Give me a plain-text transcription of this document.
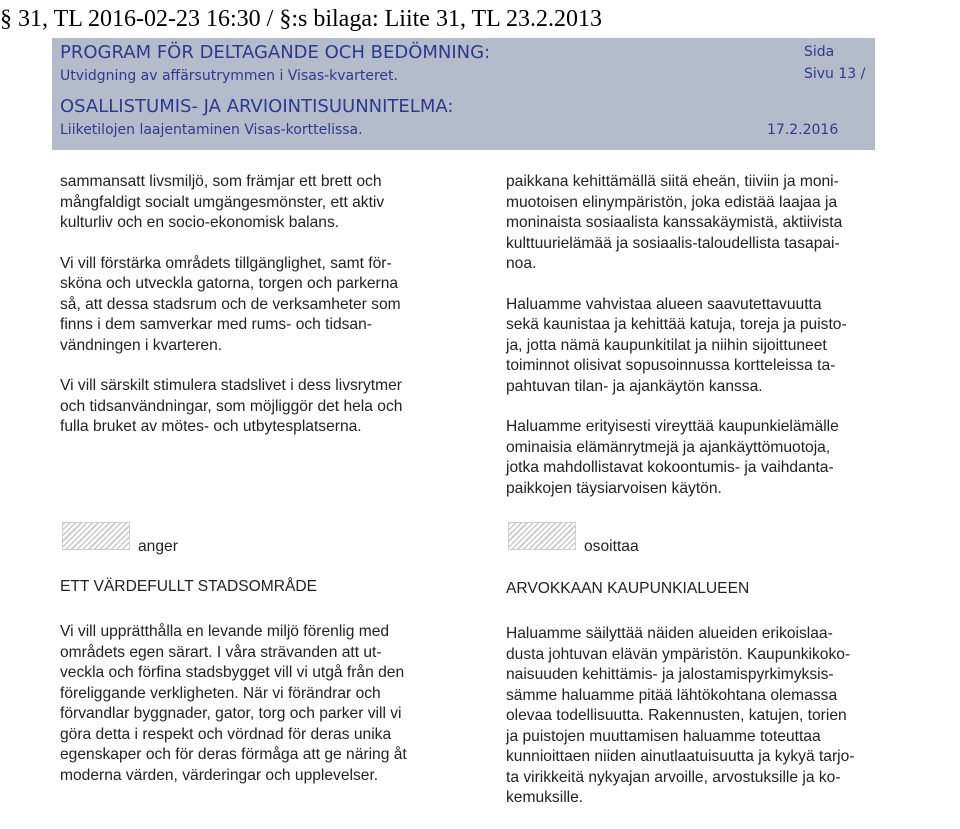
§ 31, TL 2016-02-23 16:30 / §:s bilaga: Liite 31, TL 23.2.2013
PROGRAM FÖR DELTAGANDE OCH BEDÖMNING:
Utvidgning av affärsutrymmen i Visas-kvarteret.
OSALLISTUMIS- JA ARVIOINTISUUNNITELMA:
Liiketilojen laajentaminen Visas-korttelissa.
Sida
Sivu 13 /
17.2.2016

sammansatt livsmiljö, som främjar ett brett och
mångfaldigt socialt umgängesmönster, ett aktiv
kulturliv och en socio-ekonomisk balans.

Vi vill förstärka områdets tillgänglighet, samt för-
sköna och utveckla gatorna, torgen och parkerna
så, att dessa stadsrum och de verksamheter som
finns i dem samverkar med rums- och tidsan-
vändningen i kvarteren.

Vi vill särskilt stimulera stadslivet i dess livsrytmer
och tidsanvändningar, som möjliggör det hela och
fulla bruket av mötes- och utbytesplatserna.

paikkana kehittämällä siitä eheän, tiiviin ja moni-
muotoisen elinympäristön, joka edistää laajaa ja
moninaista sosiaalista kanssakäymistä, aktiivista
kulttuurielämää ja sosiaalis-taloudellista tasapai-
noa.

Haluamme vahvistaa alueen saavutettavuutta
sekä kaunistaa ja kehittää katuja, toreja ja puisto-
ja, jotta nämä kaupunkitilat ja niihin sijoittuneet
toiminnot olisivat sopusoinnussa kortteleissa ta-
pahtuvan tilan- ja ajankäytön kanssa.

Haluamme erityisesti vireyttää kaupunkielämälle
ominaisia elämänrytmejä ja ajankäyttömuotoja,
jotka mahdollistavat kokoontumis- ja vaihdanta-
paikkojen täysiarvoisen käytön.

anger	osoittaa
ETT VÄRDEFULLT STADSOMRÅDE	ARVOKKAAN KAUPUNKIALUEEN

Vi vill upprätthålla en levande miljö förenlig med
områdets egen särart. I våra strävanden att ut-
veckla och förfina stadsbygget vill vi utgå från den
föreliggande verkligheten. När vi förändrar och
förvandlar byggnader, gator, torg och parker vill vi
göra detta i respekt och vördnad för deras unika
egenskaper och för deras förmåga att ge näring åt
moderna värden, värderingar och upplevelser.

Haluamme säilyttää näiden alueiden erikoislaa-
dusta johtuvan elävän ympäristön. Kaupunkikoko-
naisuuden kehittämis- ja jalostamispyrkimyksis-
sämme haluamme pitää lähtökohtana olemassa
olevaa todellisuutta. Rakennusten, katujen, torien
ja puistojen muuttamisen haluamme toteuttaa
kunnioittaen niiden ainutlaatuisuutta ja kykyä tarjo-
ta virikkeitä nykyajan arvoille, arvostuksille ja ko-
kemuksille.
